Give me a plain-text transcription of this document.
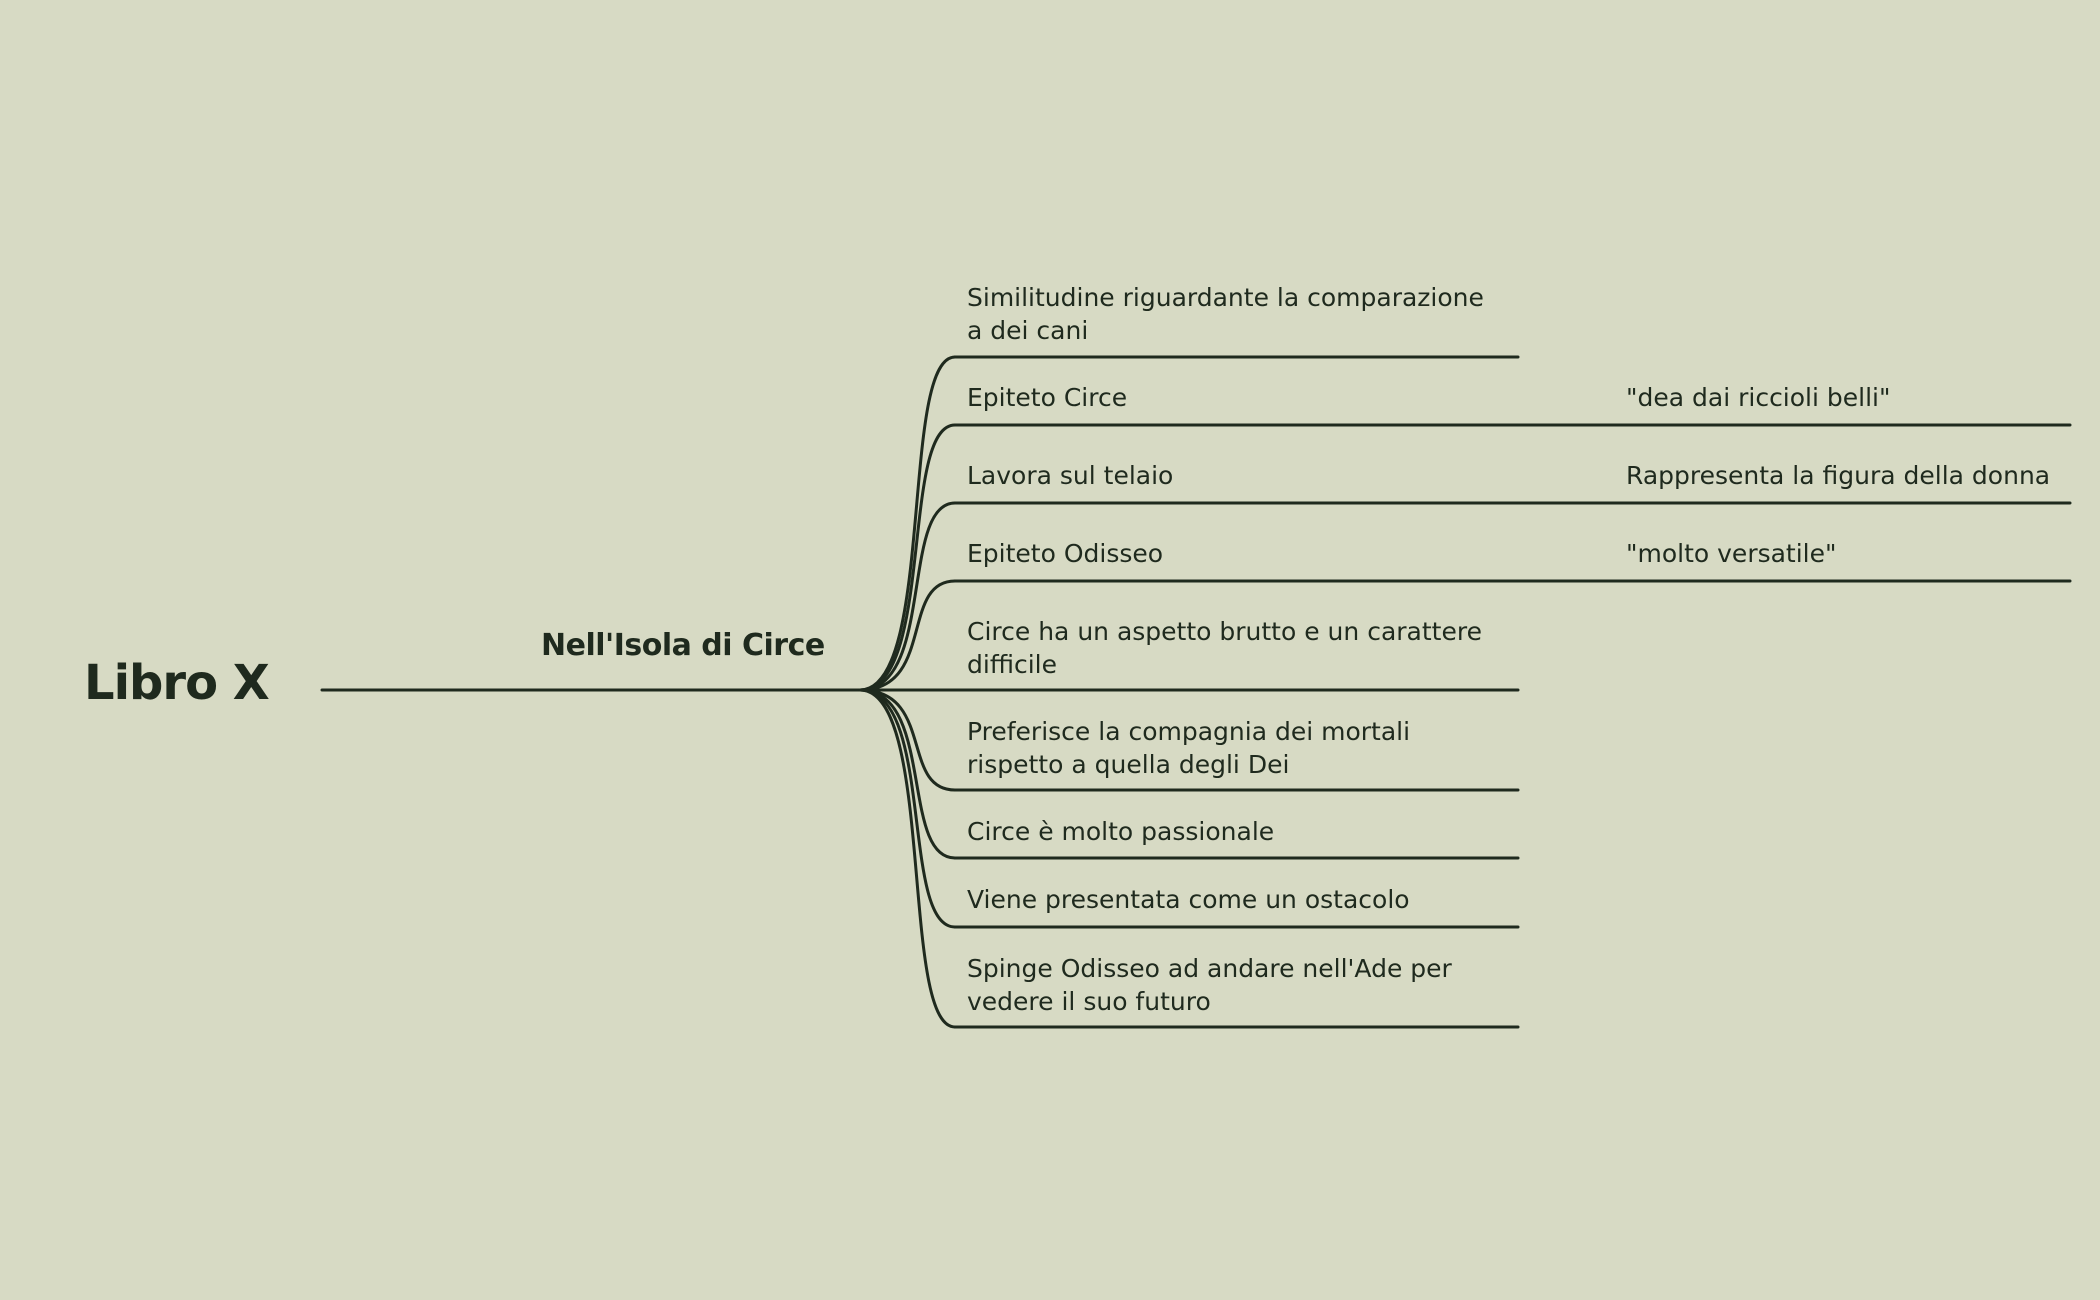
Libro X
Nell'Isola di Circe
Similitudine riguardante la comparazione a dei cani
Epiteto Circe
Lavora sul telaio
Epiteto Odisseo
Circe ha un aspetto brutto e un carattere difficile
Preferisce la compagnia dei mortali rispetto a quella degli Dei
Circe è molto passionale
Viene presentata come un ostacolo
Spinge Odisseo ad andare nell'Ade per vedere il suo futuro
"dea dai riccioli belli"
Rappresenta la figura della donna
"molto versatile"
